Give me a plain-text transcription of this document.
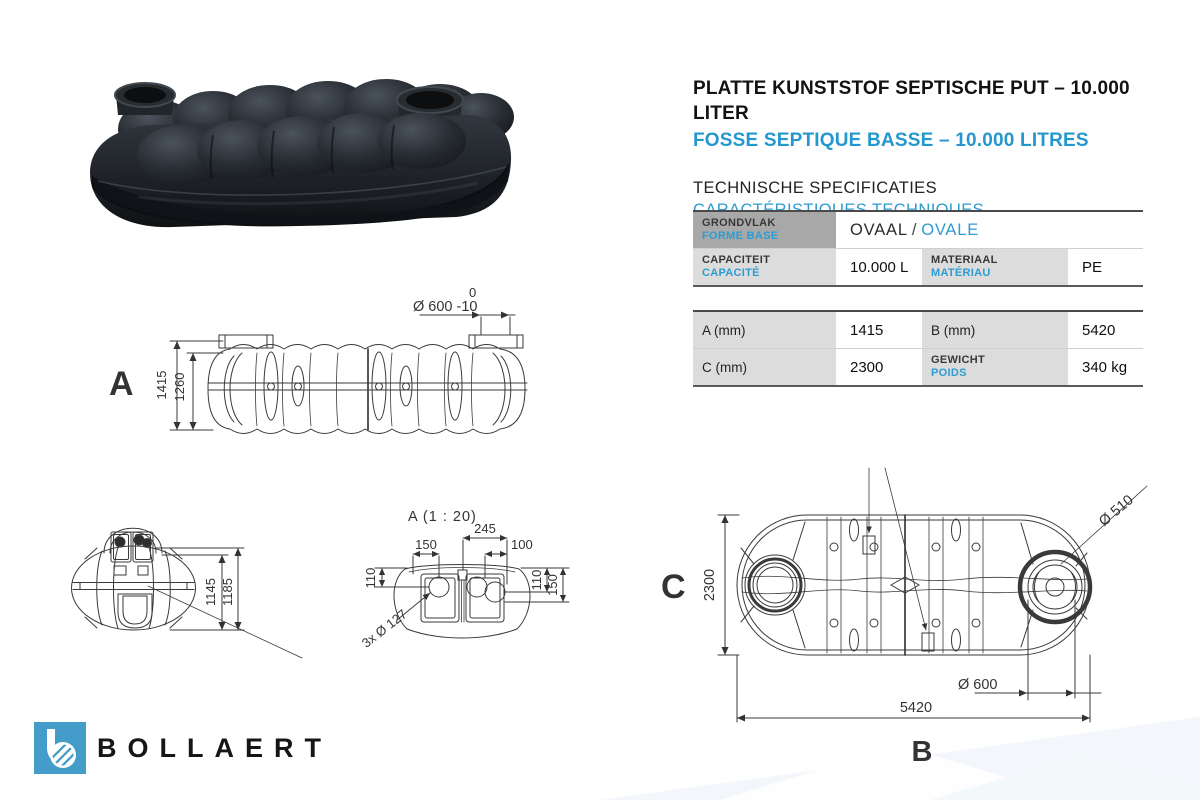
A 1415 1260
Ø 600 -10
0
1145 1185
A (1 : 20)
245
150	100
110	110 150
3x Ø 127
C
B
2300
5420
Ø 600
Ø 510
PLATTE KUNSTSTOF SEPTISCHE PUT – 10.000 LITER
FOSSE SEPTIQUE BASSE – 10.000 LITRES
TECHNISCHE SPECIFICATIES
GRONDVLAK
FORME BASE	OVAAL / OVALE
CAPACITEIT
CAPACITÉ	10.000 L	MATERIAAL
MATÉRIAU	PE
A (mm)	1415	B (mm)	5420
C (mm)	2300	GEWICHT
POIDS	340 kg
BOLLAERT
